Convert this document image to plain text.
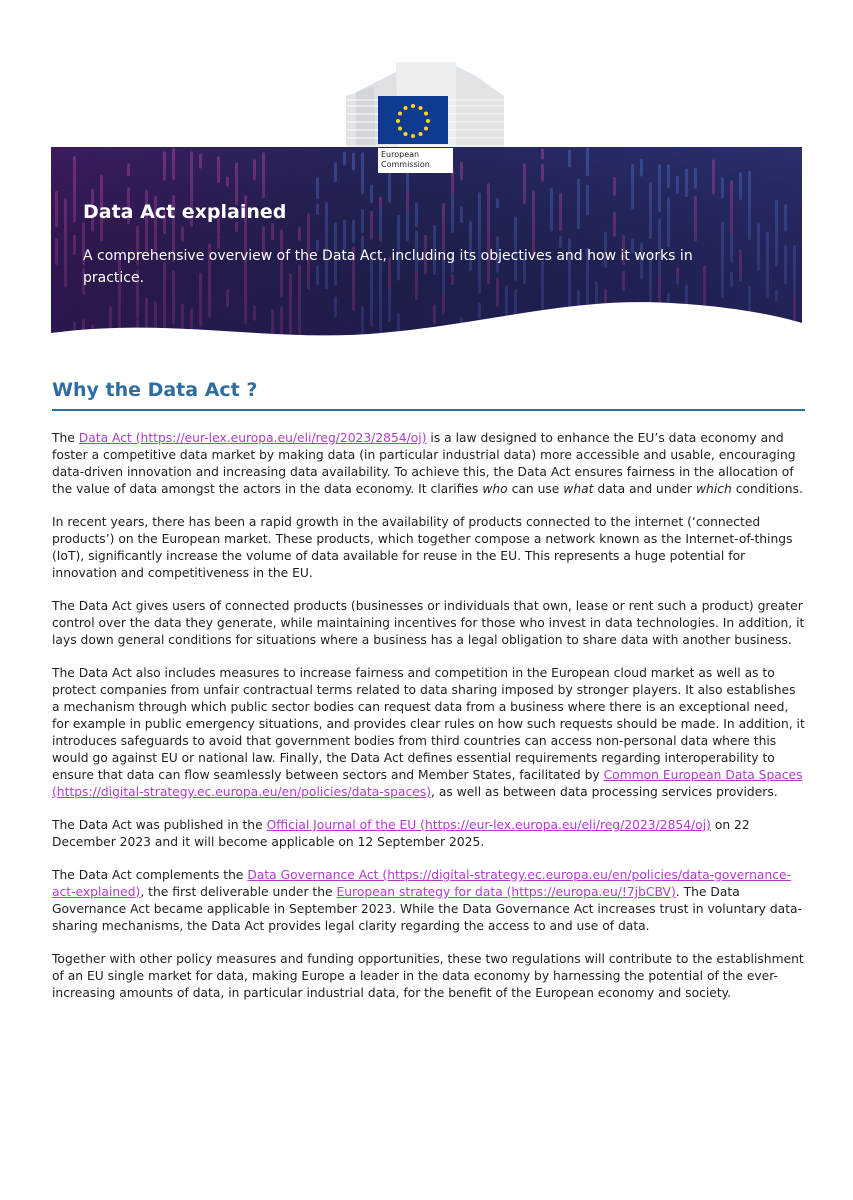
Data Act explained

A comprehensive overview of the Data Act, including its objectives and how it works in practice.

European
Commission
Why the Data Act ?

The Data Act (https://eur-lex.europa.eu/eli/reg/2023/2854/oj) is a law designed to enhance the EU’s data economy and foster a competitive data market by making data (in particular industrial data) more accessible and usable, encouraging data-driven innovation and increasing data availability. To achieve this, the Data Act ensures fairness in the allocation of the value of data amongst the actors in the data economy. It clarifies who can use what data and under which conditions.

In recent years, there has been a rapid growth in the availability of products connected to the internet (‘connected products’) on the European market. These products, which together compose a network known as the Internet-of-things (IoT), significantly increase the volume of data available for reuse in the EU. This represents a huge potential for innovation and competitiveness in the EU.

The Data Act gives users of connected products (businesses or individuals that own, lease or rent such a product) greater control over the data they generate, while maintaining incentives for those who invest in data technologies. In addition, it lays down general conditions for situations where a business has a legal obligation to share data with another business.

The Data Act also includes measures to increase fairness and competition in the European cloud market as well as to protect companies from unfair contractual terms related to data sharing imposed by stronger players. It also establishes a mechanism through which public sector bodies can request data from a business where there is an exceptional need, for example in public emergency situations, and provides clear rules on how such requests should be made. In addition, it introduces safeguards to avoid that government bodies from third countries can access non-personal data where this would go against EU or national law. Finally, the Data Act defines essential requirements regarding interoperability to ensure that data can flow seamlessly between sectors and Member States, facilitated by Common European Data Spaces (https://digital-strategy.ec.europa.eu/en/policies/data-spaces), as well as between data processing services providers.

The Data Act was published in the Official Journal of the EU (https://eur-lex.europa.eu/eli/reg/2023/2854/oj) on 22 December 2023 and it will become applicable on 12 September 2025.

The Data Act complements the Data Governance Act (https://digital-strategy.ec.europa.eu/en/policies/data-governance-act-explained), the first deliverable under the European strategy for data (https://europa.eu/!7jbCBV). The Data Governance Act became applicable in September 2023. While the Data Governance Act increases trust in voluntary data-sharing mechanisms, the Data Act provides legal clarity regarding the access to and use of data.

Together with other policy measures and funding opportunities, these two regulations will contribute to the establishment of an EU single market for data, making Europe a leader in the data economy by harnessing the potential of the ever-increasing amounts of data, in particular industrial data, for the benefit of the European economy and society.
